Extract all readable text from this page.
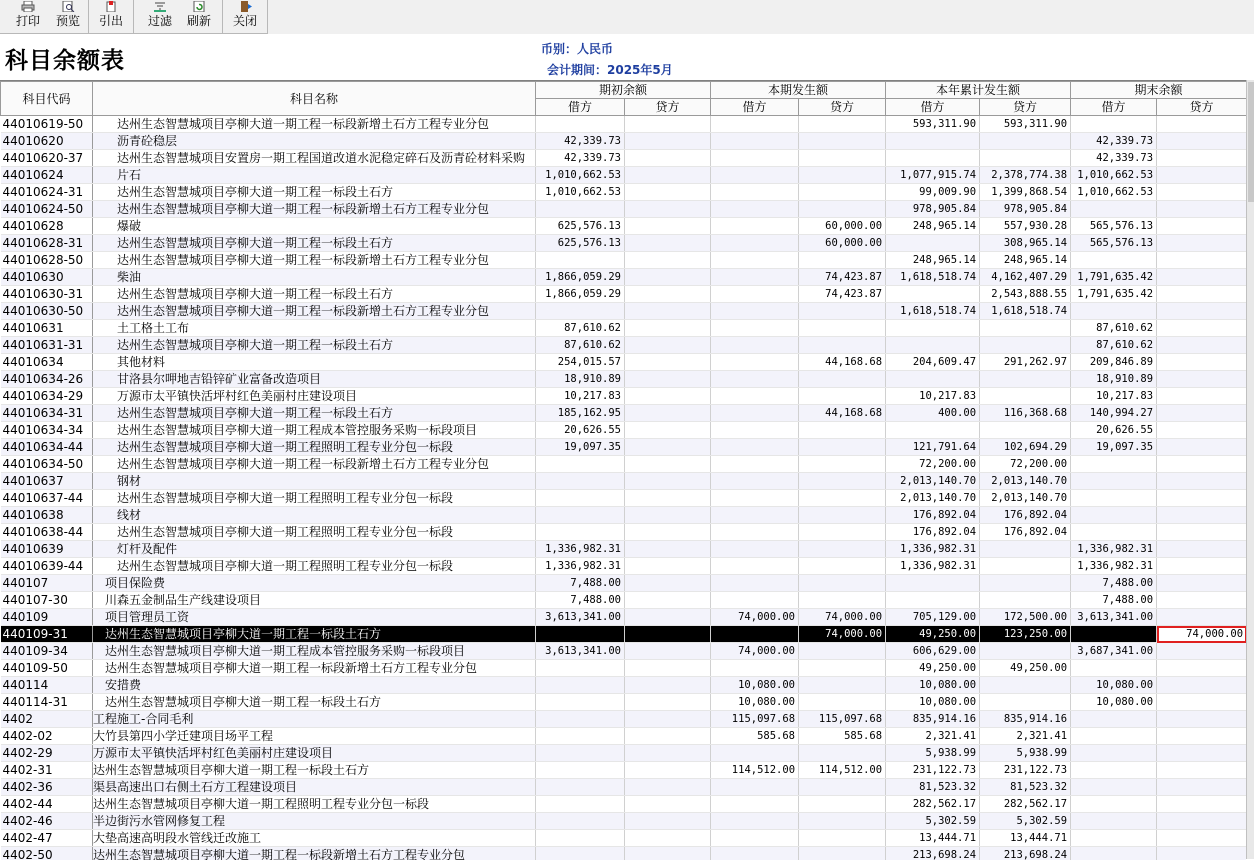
打印	预览	引出	过滤	刷新	关闭
科目余额表	币别：人民币
会计期间：2025年5月
科目代码	科目名称	期初余额		本期发生额		本年累计发生额		期末余额	
		借方	贷方	借方	贷方	借方	贷方	借方	贷方
44010619-50	达州生态智慧城项目亭柳大道一期工程一标段新增土石方工程专业分包					593,311.90	593,311.90		
44010620	沥青砼稳层	42,339.73						42,339.73	
44010620-37	达州生态智慧城项目安置房一期工程国道改道水泥稳定碎石及沥青砼材料采购	42,339.73						42,339.73	
44010624	片石	1,010,662.53				1,077,915.74	2,378,774.38	1,010,662.53	
44010624-31	达州生态智慧城项目亭柳大道一期工程一标段土石方	1,010,662.53				99,009.90	1,399,868.54	1,010,662.53	
44010624-50	达州生态智慧城项目亭柳大道一期工程一标段新增土石方工程专业分包					978,905.84	978,905.84		
44010628	爆破	625,576.13			60,000.00	248,965.14	557,930.28	565,576.13	
44010628-31	达州生态智慧城项目亭柳大道一期工程一标段土石方	625,576.13			60,000.00		308,965.14	565,576.13	
44010628-50	达州生态智慧城项目亭柳大道一期工程一标段新增土石方工程专业分包					248,965.14	248,965.14		
44010630	柴油	1,866,059.29			74,423.87	1,618,518.74	4,162,407.29	1,791,635.42	
44010630-31	达州生态智慧城项目亭柳大道一期工程一标段土石方	1,866,059.29			74,423.87		2,543,888.55	1,791,635.42	
44010630-50	达州生态智慧城项目亭柳大道一期工程一标段新增土石方工程专业分包					1,618,518.74	1,618,518.74		
44010631	土工格土工布	87,610.62						87,610.62	
44010631-31	达州生态智慧城项目亭柳大道一期工程一标段土石方	87,610.62						87,610.62	
44010634	其他材料	254,015.57			44,168.68	204,609.47	291,262.97	209,846.89	
44010634-26	甘洛县尔呷地吉铅锌矿业富备改造项目	18,910.89						18,910.89	
44010634-29	万源市太平镇快活坪村红色美丽村庄建设项目	10,217.83				10,217.83		10,217.83	
44010634-31	达州生态智慧城项目亭柳大道一期工程一标段土石方	185,162.95			44,168.68	400.00	116,368.68	140,994.27	
44010634-34	达州生态智慧城项目亭柳大道一期工程成本管控服务采购一标段项目	20,626.55						20,626.55	
44010634-44	达州生态智慧城项目亭柳大道一期工程照明工程专业分包一标段	19,097.35				121,791.64	102,694.29	19,097.35	
44010634-50	达州生态智慧城项目亭柳大道一期工程一标段新增土石方工程专业分包					72,200.00	72,200.00		
44010637	钢材					2,013,140.70	2,013,140.70		
44010637-44	达州生态智慧城项目亭柳大道一期工程照明工程专业分包一标段					2,013,140.70	2,013,140.70		
44010638	线材					176,892.04	176,892.04		
44010638-44	达州生态智慧城项目亭柳大道一期工程照明工程专业分包一标段					176,892.04	176,892.04		
44010639	灯杆及配件	1,336,982.31				1,336,982.31		1,336,982.31	
44010639-44	达州生态智慧城项目亭柳大道一期工程照明工程专业分包一标段	1,336,982.31				1,336,982.31		1,336,982.31	
440107	项目保险费	7,488.00						7,488.00	
440107-30	川森五金制品生产线建设项目	7,488.00						7,488.00	
440109	项目管理员工资	3,613,341.00		74,000.00	74,000.00	705,129.00	172,500.00	3,613,341.00	
440109-31	达州生态智慧城项目亭柳大道一期工程一标段土石方				74,000.00	49,250.00	123,250.00		74,000.00
440109-34	达州生态智慧城项目亭柳大道一期工程成本管控服务采购一标段项目	3,613,341.00		74,000.00		606,629.00		3,687,341.00	
440109-50	达州生态智慧城项目亭柳大道一期工程一标段新增土石方工程专业分包					49,250.00	49,250.00		
440114	安措费			10,080.00		10,080.00		10,080.00	
440114-31	达州生态智慧城项目亭柳大道一期工程一标段土石方			10,080.00		10,080.00		10,080.00	
4402	工程施工-合同毛利			115,097.68	115,097.68	835,914.16	835,914.16		
4402-02	大竹县第四小学迁建项目场平工程			585.68	585.68	2,321.41	2,321.41		
4402-29	万源市太平镇快活坪村红色美丽村庄建设项目					5,938.99	5,938.99		
4402-31	达州生态智慧城项目亭柳大道一期工程一标段土石方			114,512.00	114,512.00	231,122.73	231,122.73		
4402-36	渠县高速出口右侧土石方工程建设项目					81,523.32	81,523.32		
4402-44	达州生态智慧城项目亭柳大道一期工程照明工程专业分包一标段					282,562.17	282,562.17		
4402-46	半边街污水管网修复工程					5,302.59	5,302.59		
4402-47	大垫高速高明段水管线迁改施工					13,444.71	13,444.71		
4402-50	达州生态智慧城项目亭柳大道一期工程一标段新增土石方工程专业分包					213,698.24	213,698.24		
